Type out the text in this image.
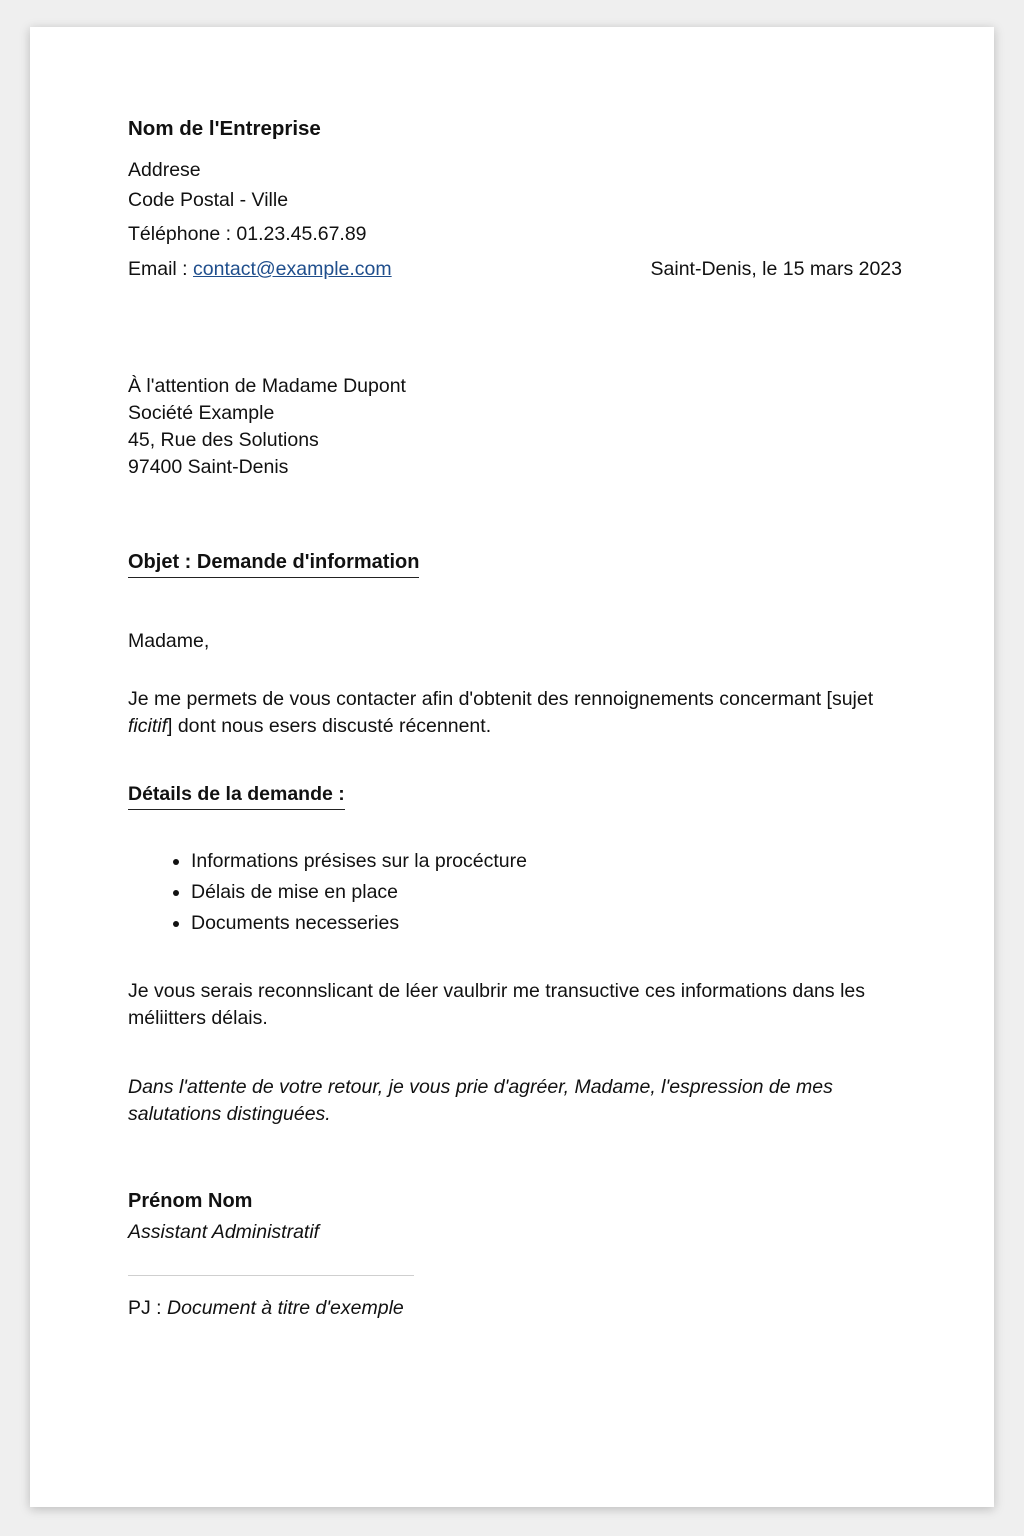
Nom de l'Entreprise
Addrese
Code Postal - Ville
Téléphone : 01.23.45.67.89
Email : contact@example.com	Saint-Denis, le 15 mars 2023
À l'attention de Madame Dupont
Société Example
45, Rue des Solutions
97400 Saint-Denis
Objet : Demande d'information
Madame,
Je me permets de vous contacter afin d'obtenit des rennoignements concermant [sujet ficitif] dont nous esers discusté récennent.
Détails de la demande :
• Informations présises sur la procécture
• Délais de mise en place
• Documents necesseries
Je vous serais reconnslicant de léer vaulbrir me transuctive ces informations dans les méliitters délais.
Dans l'attente de votre retour, je vous prie d'agréer, Madame, l'espression de mes salutations distinguées.
Prénom Nom
Assistant Administratif
PJ : Document à titre d'exemple
